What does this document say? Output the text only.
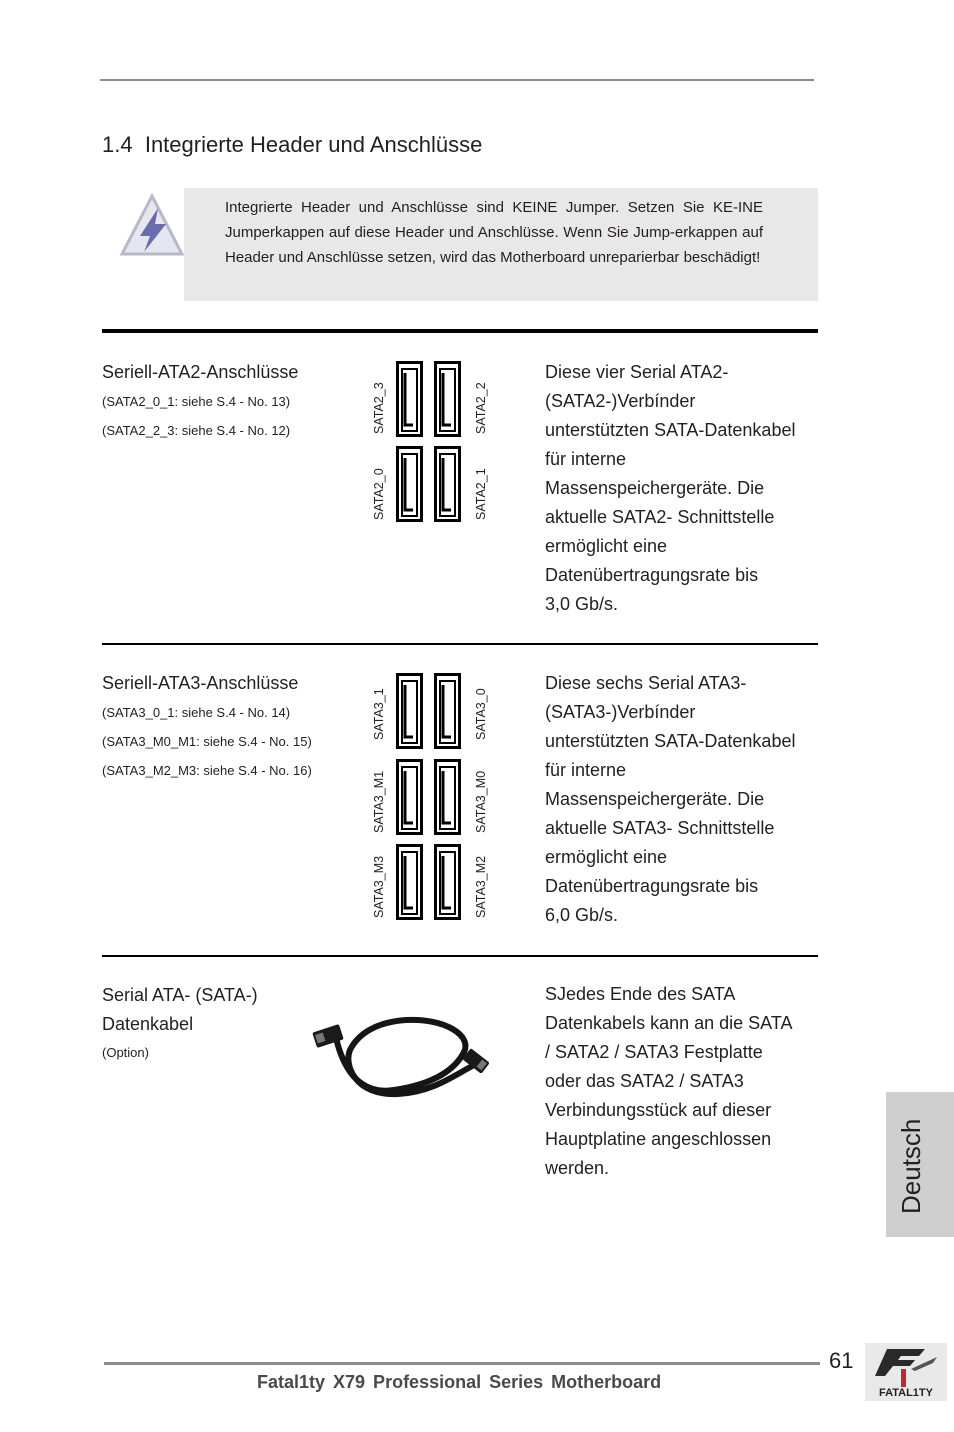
1.4 Integrierte Header und Anschlüsse
Integrierte Header und Anschlüsse sind KEINE Jumper. Setzen Sie KE-INE Jumperkappen auf diese Header und Anschlüsse. Wenn Sie Jump-erkappen auf Header und Anschlüsse setzen, wird das Motherboard unreparierbar beschädigt!
Seriell-ATA2-Anschlüsse
(SATA2_0_1: siehe S.4 - No. 13)
(SATA2_2_3: siehe S.4 - No. 12)	SATA2_3	SATA2_2
SATA2_0	SATA2_1
Diese vier Serial ATA2-
(SATA2-)Verbínder
unterstützten SATA-Datenkabel
für interne
Massenspeichergeräte. Die
aktuelle SATA2- Schnittstelle
ermöglicht eine
Datenübertragungsrate bis
3,0 Gb/s.
Seriell-ATA3-Anschlüsse
(SATA3_0_1: siehe S.4 - No. 14)
(SATA3_M0_M1: siehe S.4 - No. 15)
(SATA3_M2_M3: siehe S.4 - No. 16)
SATA3_1	SATA3_0
SATA3_M1	SATA3_M0
SATA3_M3	SATA3_M2
Diese sechs Serial ATA3-
(SATA3-)Verbínder
unterstützten SATA-Datenkabel
für interne
Massenspeichergeräte. Die
aktuelle SATA3- Schnittstelle
ermöglicht eine
Datenübertragungsrate bis
6,0 Gb/s.
Serial ATA- (SATA-)
Datenkabel
(Option)
SJedes Ende des SATA
Datenkabels kann an die SATA
/ SATA2 / SATA3 Festplatte
oder das SATA2 / SATA3
Verbindungsstück auf dieser
Hauptplatine angeschlossen
werden.	Deutsch
61
Fatal1ty X79 Professional Series Motherboard
FATAL1TY
